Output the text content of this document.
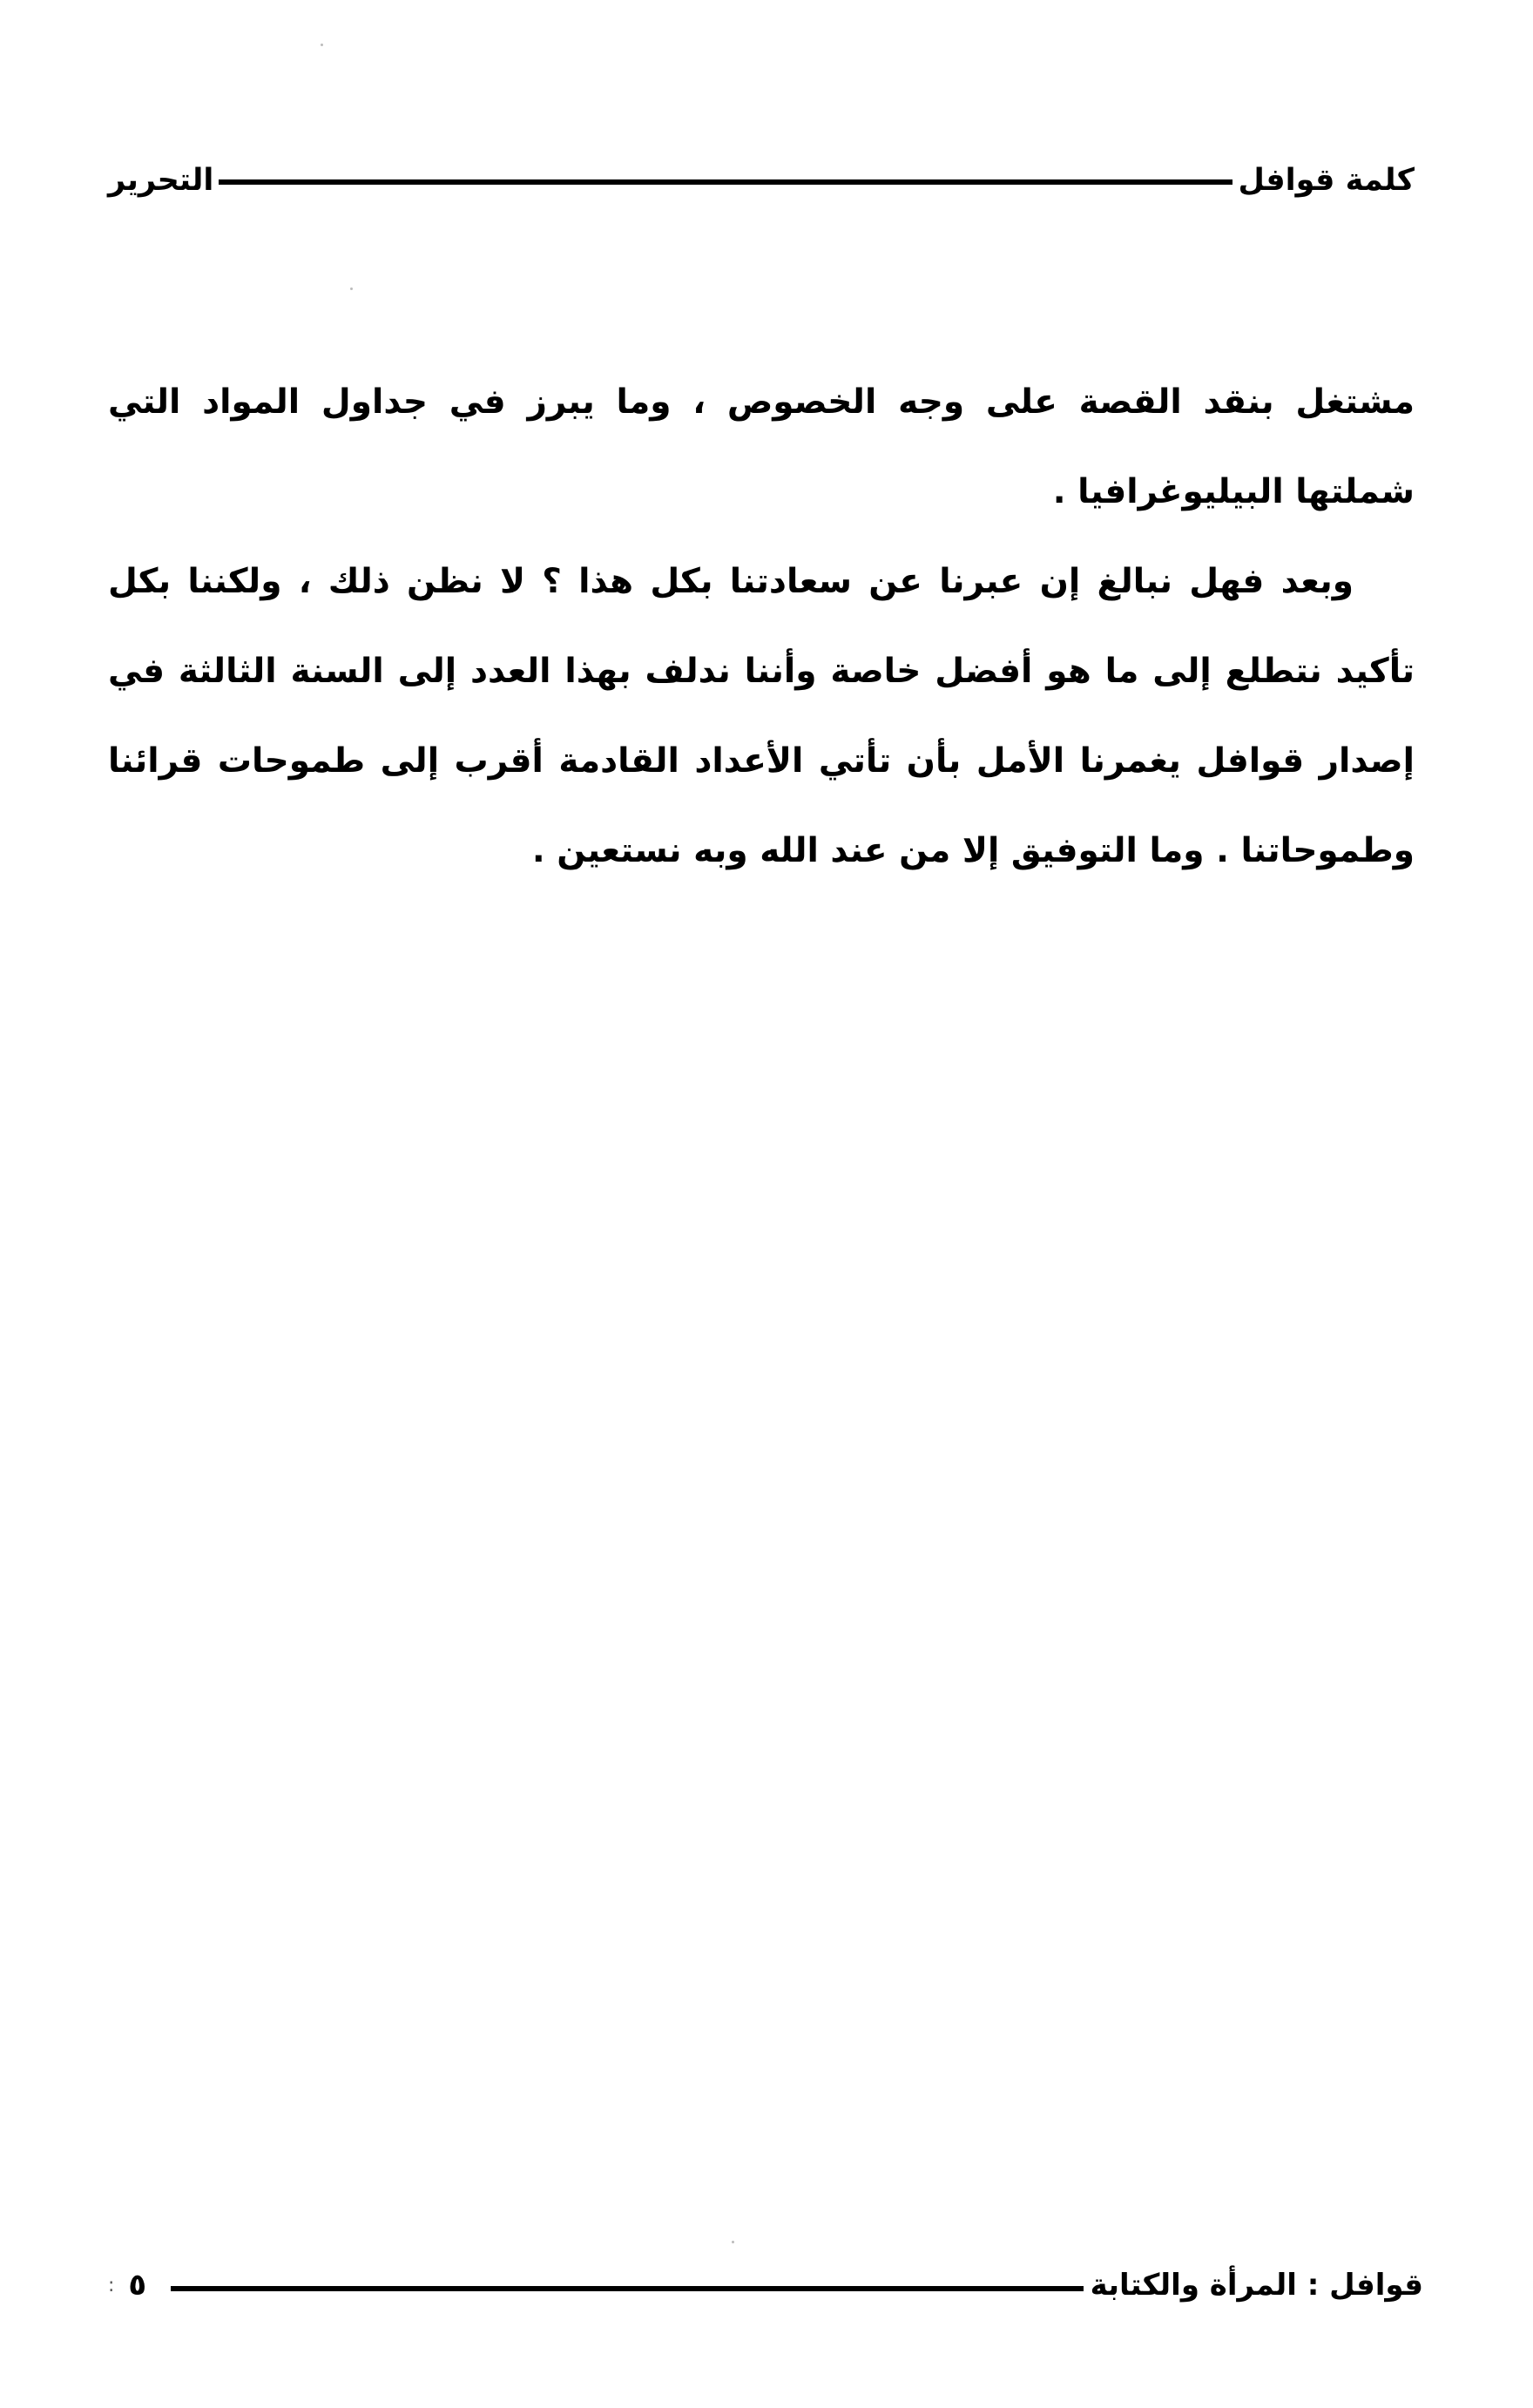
كلمة قوافل
التحرير

مشتغل بنقد القصة على وجه الخصوص ، وما يبرز في جداول المواد التي شملتها البيليوغرافيا .

وبعد فهل نبالغ إن عبرنا عن سعادتنا بكل هذا ؟ لا نظن ذلك ، ولكننا بكل تأكيد نتطلع إلى ما هو أفضل خاصة وأننا ندلف بهذا العدد إلى السنة الثالثة في إصدار قوافل يغمرنا الأمل بأن تأتي الأعداد القادمة أقرب إلى طموحات قرائنا وطموحاتنا . وما التوفيق إلا من عند الله وبه نستعين .

قوافل : المرأة والكتابة
٥
:
